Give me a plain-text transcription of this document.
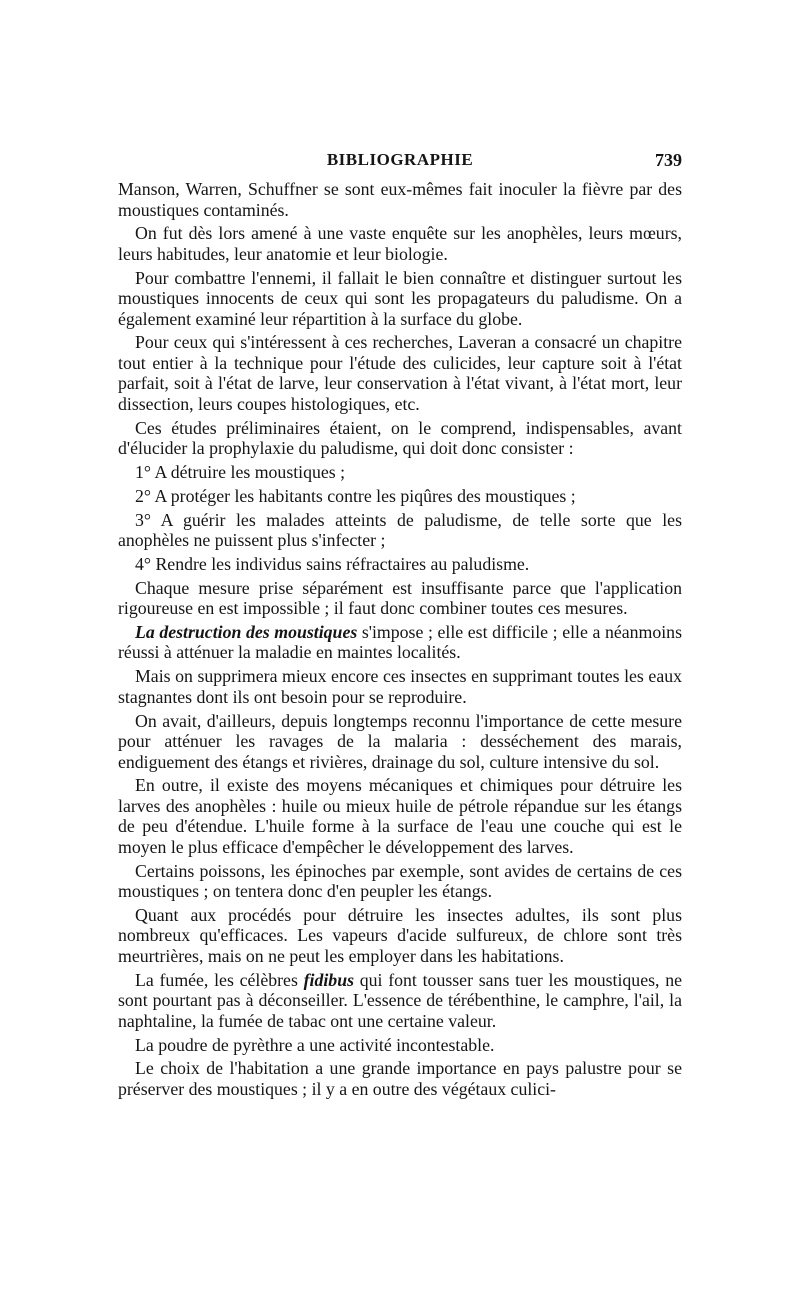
BIBLIOGRAPHIE	739

Manson, Warren, Schuffner se sont eux-mêmes fait inoculer la fièvre par des moustiques contaminés.

On fut dès lors amené à une vaste enquête sur les anophèles, leurs mœurs, leurs habitudes, leur anatomie et leur biologie.

Pour combattre l'ennemi, il fallait le bien connaître et distinguer surtout les moustiques innocents de ceux qui sont les propagateurs du paludisme. On a également examiné leur répartition à la surface du globe.

Pour ceux qui s'intéressent à ces recherches, Laveran a consacré un chapitre tout entier à la technique pour l'étude des culicides, leur capture soit à l'état parfait, soit à l'état de larve, leur conservation à l'état vivant, à l'état mort, leur dissection, leurs coupes histologiques, etc.

Ces études préliminaires étaient, on le comprend, indispensables, avant d'élucider la prophylaxie du paludisme, qui doit donc consister :

1° A détruire les moustiques ;

2° A protéger les habitants contre les piqûres des moustiques ;

3° A guérir les malades atteints de paludisme, de telle sorte que les anophèles ne puissent plus s'infecter ;

4° Rendre les individus sains réfractaires au paludisme.

Chaque mesure prise séparément est insuffisante parce que l'application rigoureuse en est impossible ; il faut donc combiner toutes ces mesures.

La destruction des moustiques s'impose ; elle est difficile ; elle a néanmoins réussi à atténuer la maladie en maintes localités.

Mais on supprimera mieux encore ces insectes en supprimant toutes les eaux stagnantes dont ils ont besoin pour se reproduire.

On avait, d'ailleurs, depuis longtemps reconnu l'importance de cette mesure pour atténuer les ravages de la malaria : desséchement des marais, endiguement des étangs et rivières, drainage du sol, culture intensive du sol.

En outre, il existe des moyens mécaniques et chimiques pour détruire les larves des anophèles : huile ou mieux huile de pétrole répandue sur les étangs de peu d'étendue. L'huile forme à la surface de l'eau une couche qui est le moyen le plus efficace d'empêcher le développement des larves.

Certains poissons, les épinoches par exemple, sont avides de certains de ces moustiques ; on tentera donc d'en peupler les étangs.

Quant aux procédés pour détruire les insectes adultes, ils sont plus nombreux qu'efficaces. Les vapeurs d'acide sulfureux, de chlore sont très meurtrières, mais on ne peut les employer dans les habitations.

La fumée, les célèbres fidibus qui font tousser sans tuer les moustiques, ne sont pourtant pas à déconseiller. L'essence de térébenthine, le camphre, l'ail, la naphtaline, la fumée de tabac ont une certaine valeur.

La poudre de pyrèthre a une activité incontestable.

Le choix de l'habitation a une grande importance en pays palustre pour se préserver des moustiques ; il y a en outre des végétaux culici-
